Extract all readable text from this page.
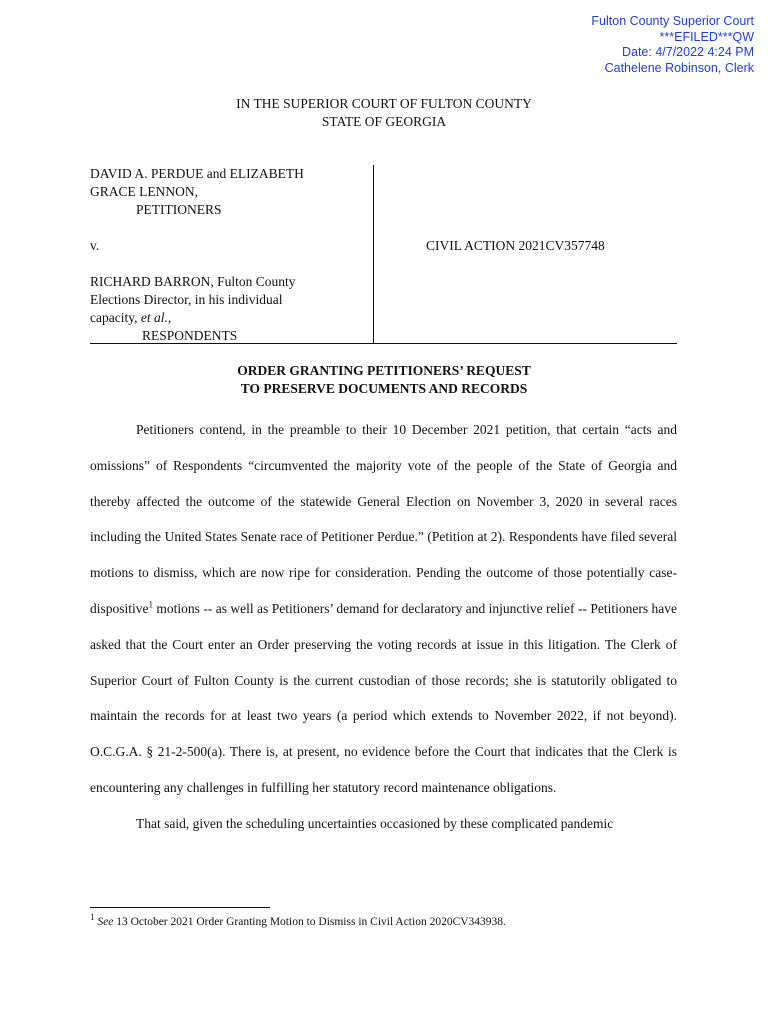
Fulton County Superior Court
***EFILED***QW
Date: 4/7/2022 4:24 PM
Cathelene Robinson, Clerk
IN THE SUPERIOR COURT OF FULTON COUNTY
STATE OF GEORGIA
DAVID A. PERDUE and ELIZABETH
GRACE LENNON,
PETITIONERS
v.
RICHARD BARRON, Fulton County
Elections Director, in his individual
capacity, et al.,
RESPONDENTS
CIVIL ACTION 2021CV357748
ORDER GRANTING PETITIONERS’ REQUEST
TO PRESERVE DOCUMENTS AND RECORDS

Petitioners contend, in the preamble to their 10 December 2021 petition, that certain “acts and omissions” of Respondents “circumvented the majority vote of the people of the State of Georgia and thereby affected the outcome of the statewide General Election on November 3, 2020 in several races including the United States Senate race of Petitioner Perdue.” (Petition at 2). Respondents have filed several motions to dismiss, which are now ripe for consideration. Pending the outcome of those potentially case-dispositive$^1$ motions -- as well as Petitioners’ demand for declaratory and injunctive relief -- Petitioners have asked that the Court enter an Order preserving the voting records at issue in this litigation. The Clerk of Superior Court of Fulton County is the current custodian of those records; she is statutorily obligated to maintain the records for at least two years (a period which extends to November 2022, if not beyond). O.C.G.A. § 21-2-500(a). There is, at present, no evidence before the Court that indicates that the Clerk is encountering any challenges in fulfilling her statutory record maintenance obligations.

That said, given the scheduling uncertainties occasioned by these complicated pandemic

$^1$ See 13 October 2021 Order Granting Motion to Dismiss in Civil Action 2020CV343938.
